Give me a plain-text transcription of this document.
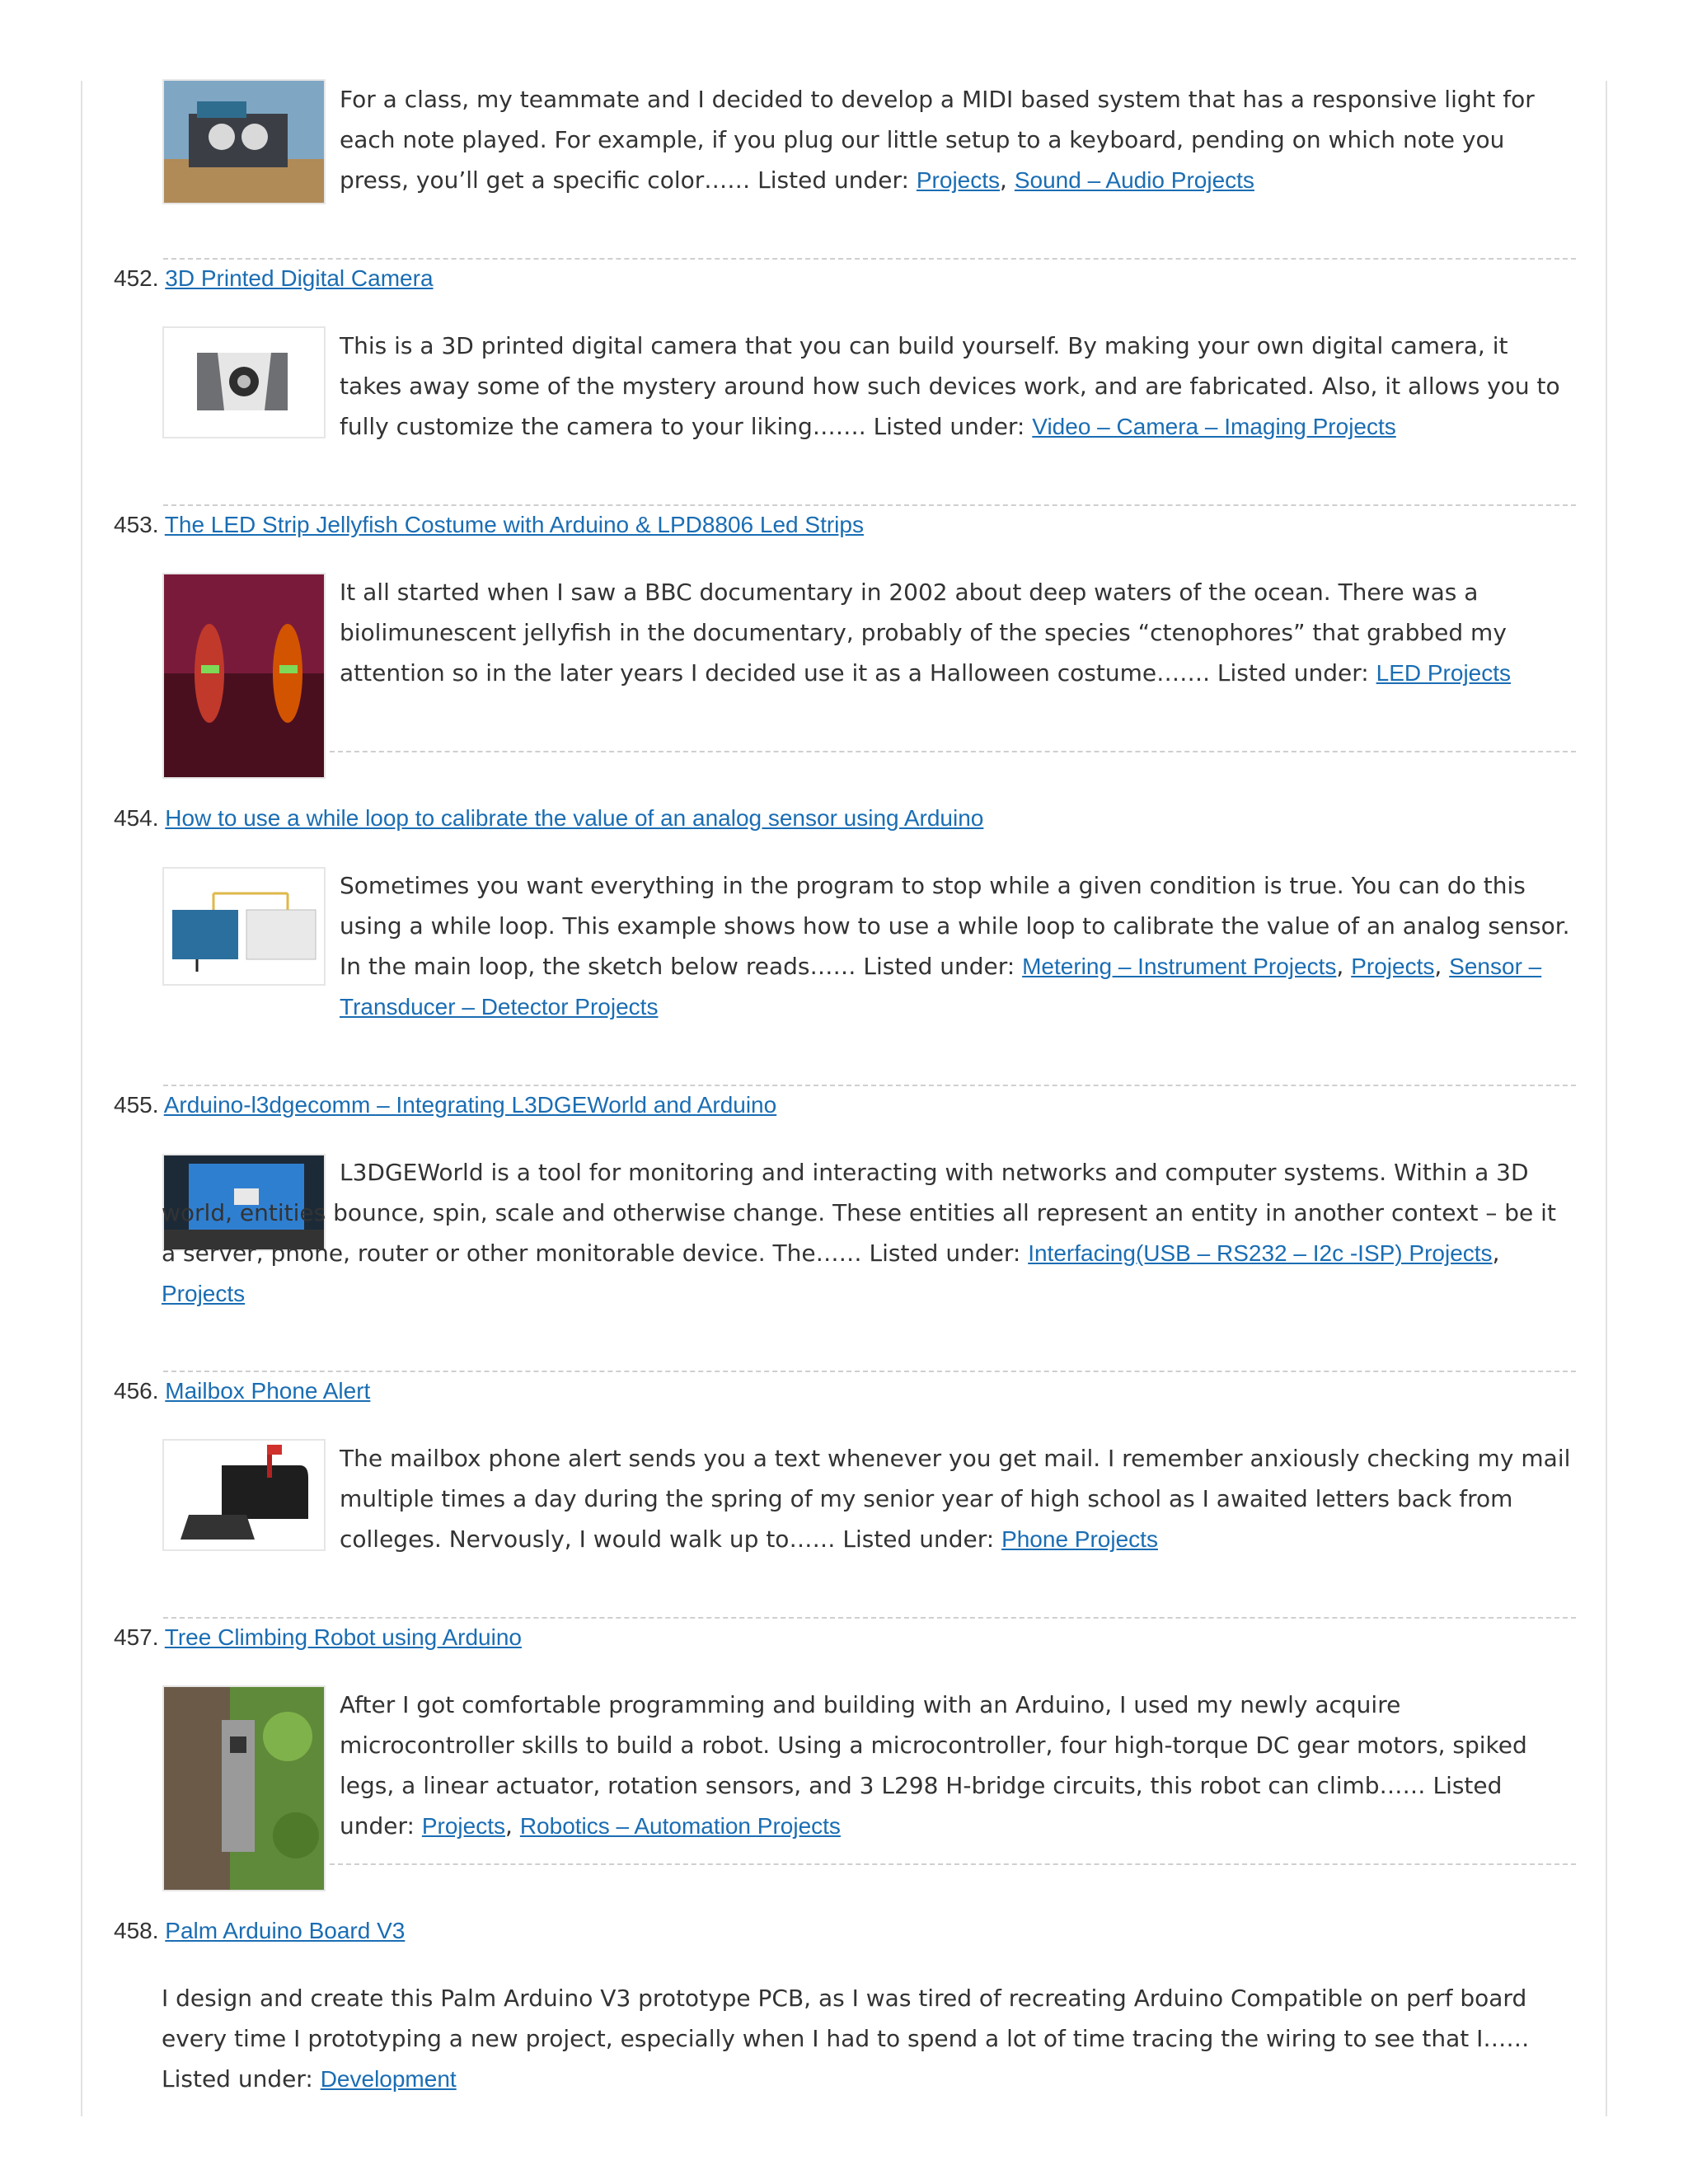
For a class, my teammate and I decided to develop a MIDI based system that has a responsive light for each note played. For example, if you plug our little setup to a keyboard, pending on which note you press, you’ll get a specific color…… Listed under: Projects, Sound – Audio Projects

452. 3D Printed Digital Camera

This is a 3D printed digital camera that you can build yourself. By making your own digital camera, it takes away some of the mystery around how such devices work, and are fabricated. Also, it allows you to fully customize the camera to your liking……. Listed under: Video – Camera – Imaging Projects

453. The LED Strip Jellyfish Costume with Arduino & LPD8806 Led Strips

It all started when I saw a BBC documentary in 2002 about deep waters of the ocean. There was a biolimunescent jellyfish in the documentary, probably of the species “ctenophores” that grabbed my attention so in the later years I decided use it as a Halloween costume……. Listed under: LED Projects

454. How to use a while loop to calibrate the value of an analog sensor using Arduino

Sometimes you want everything in the program to stop while a given condition is true. You can do this using a while loop. This example shows how to use a while loop to calibrate the value of an analog sensor. In the main loop, the sketch below reads…… Listed under: Metering – Instrument Projects, Projects, Sensor – Transducer – Detector Projects

455. Arduino-l3dgecomm – Integrating L3DGEWorld and Arduino

L3DGEWorld is a tool for monitoring and interacting with networks and computer systems. Within a 3D world, entities bounce, spin, scale and otherwise change. These entities all represent an entity in another context – be it a server, phone, router or other monitorable device. The…… Listed under: Interfacing(USB – RS232 – I2c -ISP) Projects, Projects

456. Mailbox Phone Alert

The mailbox phone alert sends you a text whenever you get mail. I remember anxiously checking my mail multiple times a day during the spring of my senior year of high school as I awaited letters back from colleges. Nervously, I would walk up to…… Listed under: Phone Projects

457. Tree Climbing Robot using Arduino

After I got comfortable programming and building with an Arduino, I used my newly acquire microcontroller skills to build a robot. Using a microcontroller, four high-torque DC gear motors, spiked legs, a linear actuator, rotation sensors, and 3 L298 H-bridge circuits, this robot can climb…… Listed under: Projects, Robotics – Automation Projects

458. Palm Arduino Board V3

I design and create this Palm Arduino V3 prototype PCB, as I was tired of recreating Arduino Compatible on perf board every time I prototyping a new project, especially when I had to spend a lot of time tracing the wiring to see that I…… Listed under: Development
